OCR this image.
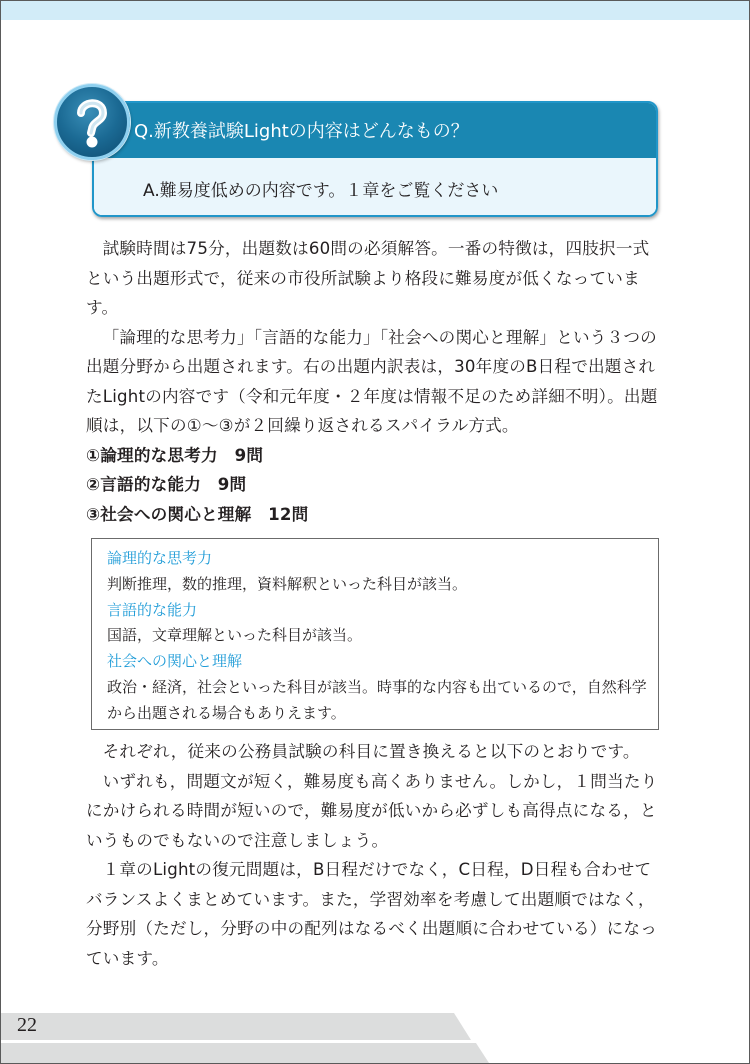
Q.新教養試験Lightの内容はどんなもの？
A.難易度低めの内容です。１章をご覧ください

試験時間は75分，出題数は60問の必須解答。一番の特徴は，四肢択一式という出題形式で，従来の市役所試験より格段に難易度が低くなっています。

「論理的な思考力」「言語的な能力」「社会への関心と理解」という３つの出題分野から出題されます。右の出題内訳表は，30年度のB日程で出題されたLightの内容です（令和元年度・２年度は情報不足のため詳細不明）。出題順は，以下の①～③が２回繰り返されるスパイラル方式。

①論理的な思考力　9問

②言語的な能力　9問

③社会への関心と理解　12問

論理的な思考力

判断推理，数的推理，資料解釈といった科目が該当。

言語的な能力

国語，文章理解といった科目が該当。

社会への関心と理解

政治・経済，社会といった科目が該当。時事的な内容も出ているので，自然科学から出題される場合もありえます。

それぞれ，従来の公務員試験の科目に置き換えると以下のとおりです。

いずれも，問題文が短く，難易度も高くありません。しかし，１問当たりにかけられる時間が短いので，難易度が低いから必ずしも高得点になる，というものでもないので注意しましょう。

１章のLightの復元問題は，B日程だけでなく，C日程，D日程も合わせてバランスよくまとめています。また，学習効率を考慮して出題順ではなく，分野別（ただし，分野の中の配列はなるべく出題順に合わせている）になっています。

22
